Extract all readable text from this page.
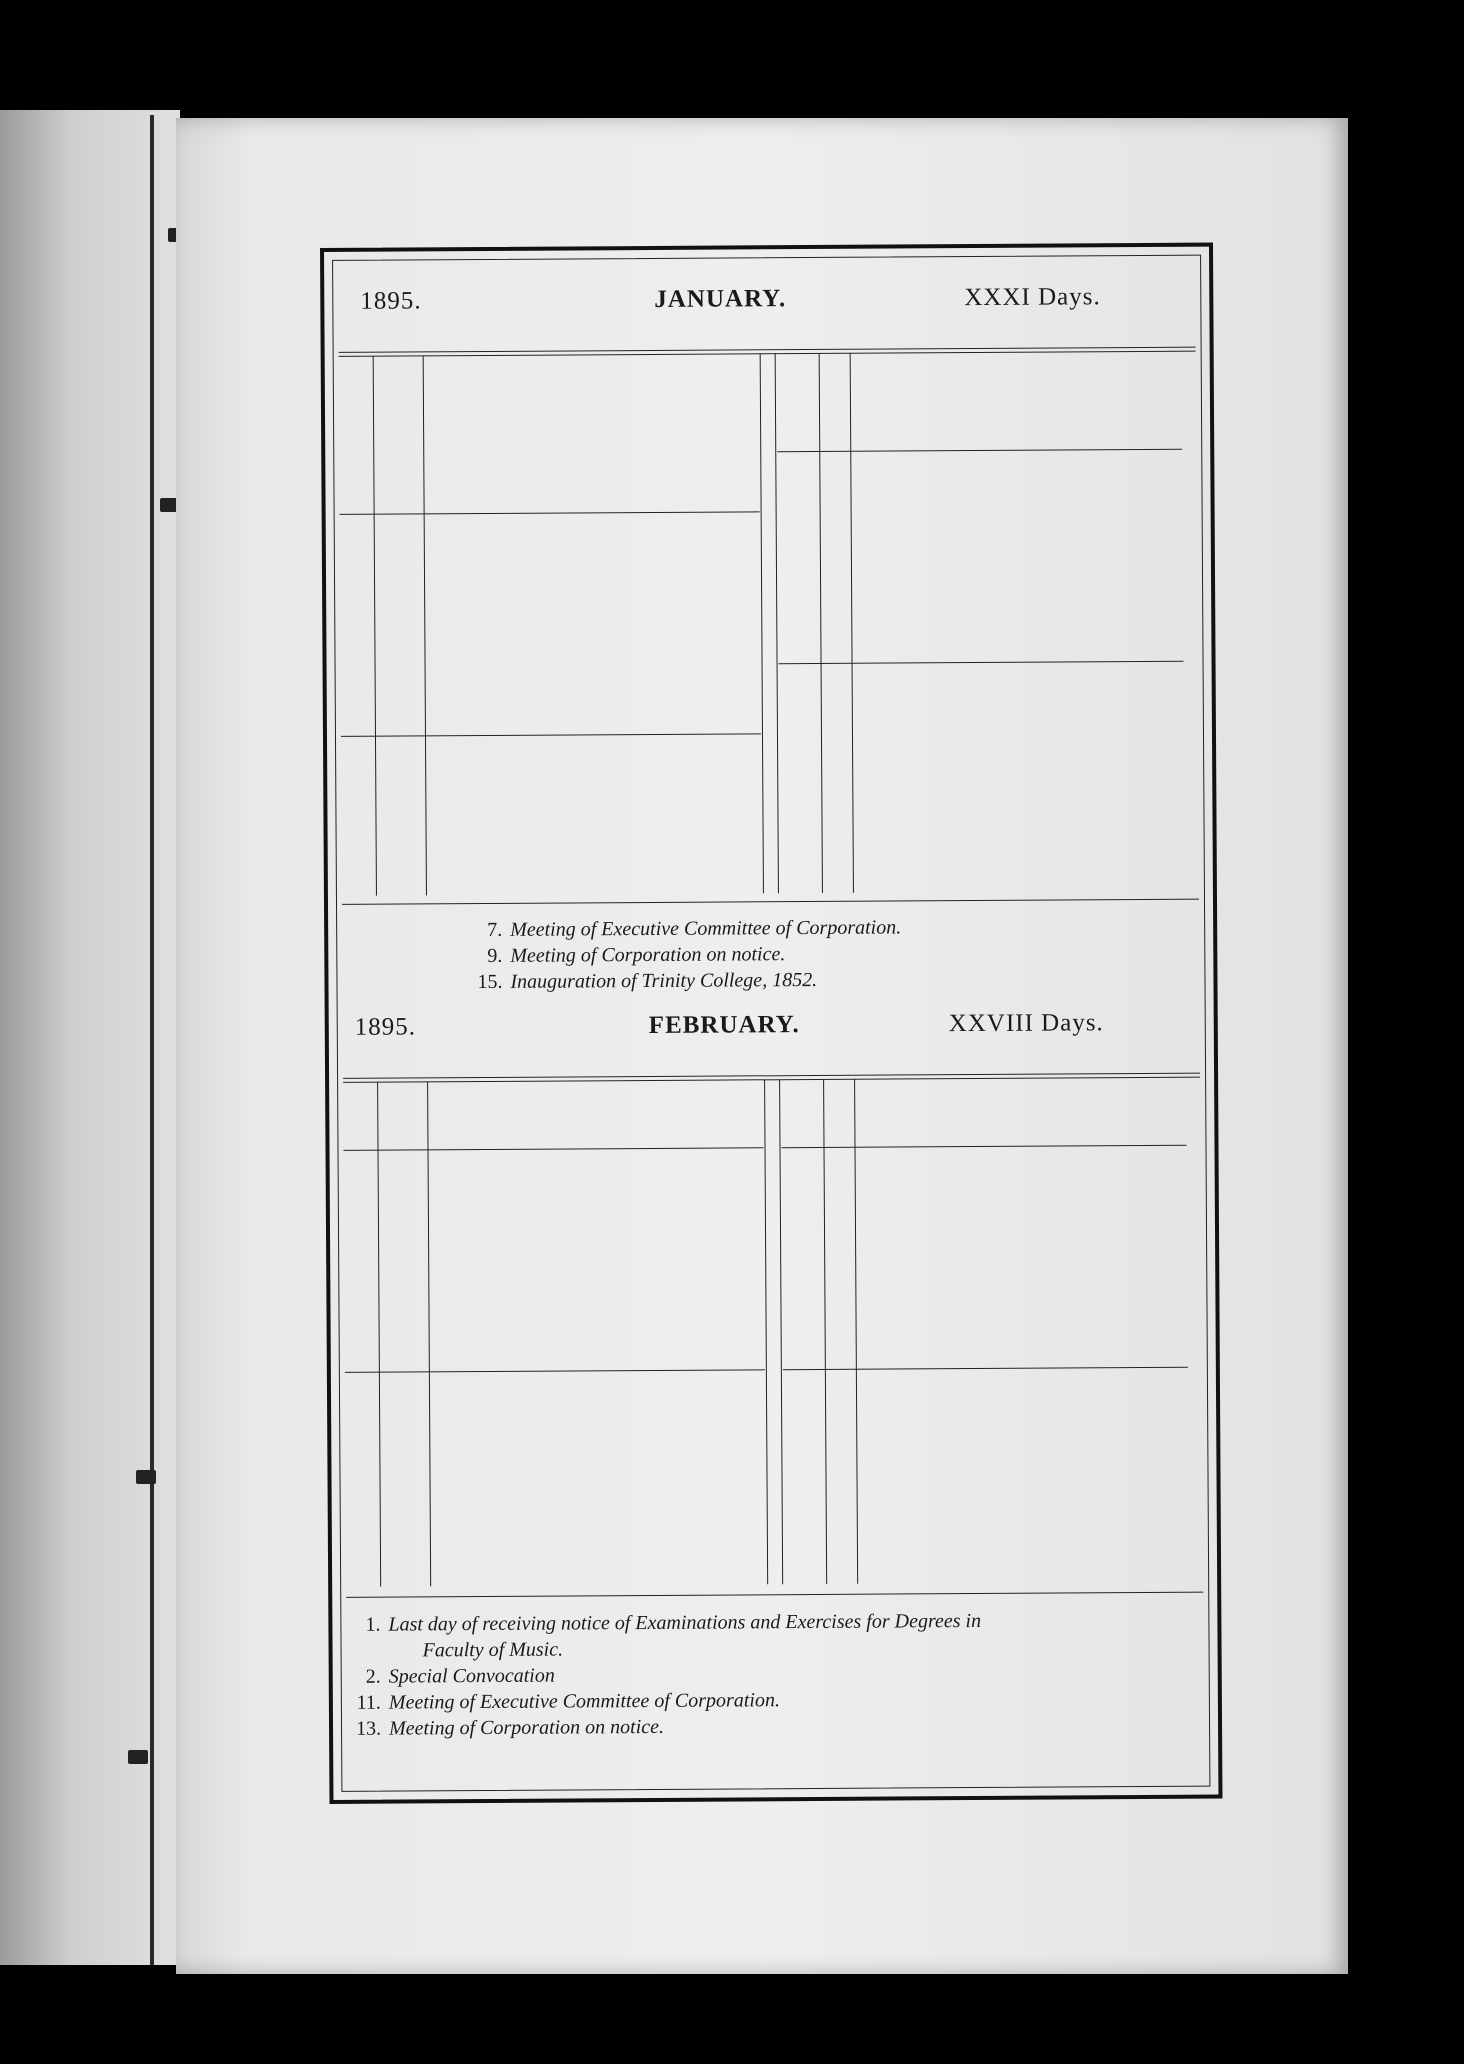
1895.	JANUARY.	XXXI Days.
7. Meeting of Executive Committee of Corporation.
9. Meeting of Corporation on notice.
15. Inauguration of Trinity College, 1852.
1895.	FEBRUARY.	XXVIII Days.
1. Last day of receiving notice of Examinations and Exercises for Degrees in
Faculty of Music.
2. Special Convocation
11. Meeting of Executive Committee of Corporation.
13. Meeting of Corporation on notice.
